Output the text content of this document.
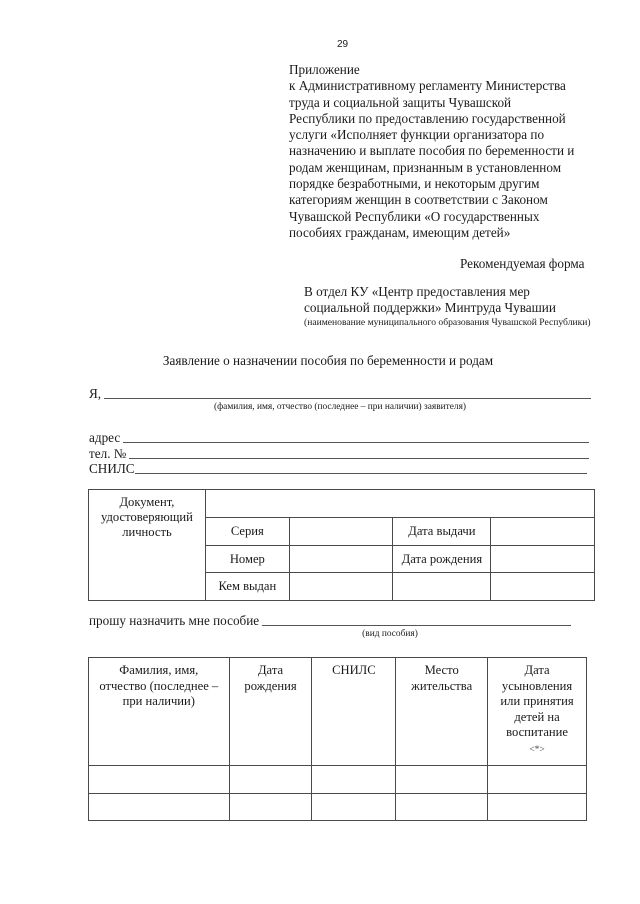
29
Приложение
к Административному регламенту Министерства
труда и социальной защиты Чувашской
Республики по предоставлению государственной
услуги «Исполняет функции организатора по
назначению и выплате пособия по беременности и
родам женщинам, признанным в установленном
порядке безработными, и некоторым другим
категориям женщин в соответствии с Законом
Чувашской Республики «О государственных
пособиях гражданам, имеющим детей»
Рекомендуемая форма
В отдел КУ «Центр предоставления мер
социальной поддержки» Минтруда Чувашии
(наименование муниципального образования Чувашской Республики)
Заявление о назначении пособия по беременности и родам
Я,
(фамилия, имя, отчество (последнее – при наличии) заявителя)
адрес
тел. №
СНИЛС
Документ, удостоверяющий личность				
	Серия		Дата выдачи	
	Номер		Дата рождения	
	Кем выдан			
прошу назначить мне пособие
(вид пособия)
Фамилия, имя, отчество (последнее – при наличии)	Дата рождения	СНИЛС	Место жительства	Дата усыновления или принятия детей на воспитание
<*>
